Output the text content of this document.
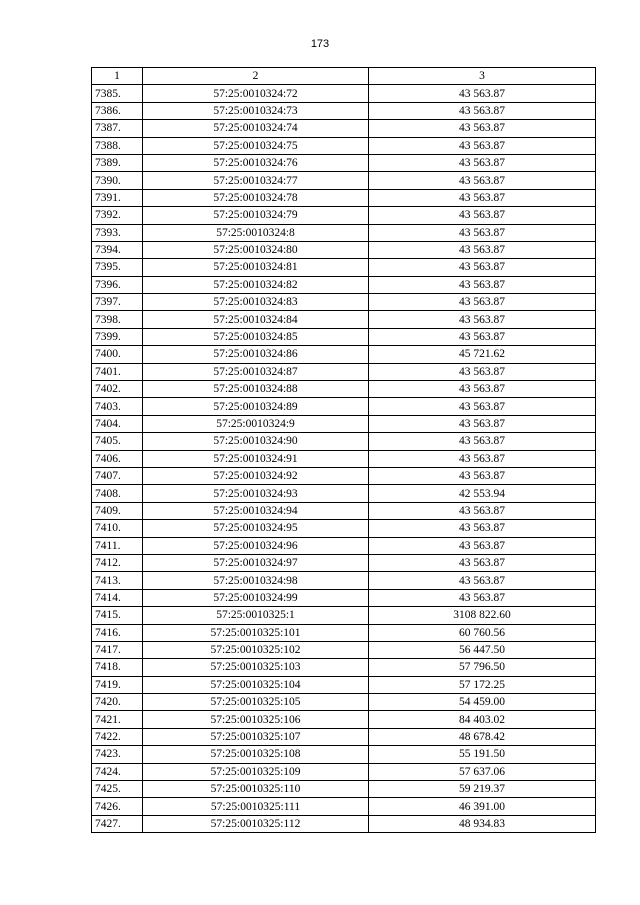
173
1	2	3
7385.	57:25:0010324:72	43 563.87
7386.	57:25:0010324:73	43 563.87
7387.	57:25:0010324:74	43 563.87
7388.	57:25:0010324:75	43 563.87
7389.	57:25:0010324:76	43 563.87
7390.	57:25:0010324:77	43 563.87
7391.	57:25:0010324:78	43 563.87
7392.	57:25:0010324:79	43 563.87
7393.	57:25:0010324:8	43 563.87
7394.	57:25:0010324:80	43 563.87
7395.	57:25:0010324:81	43 563.87
7396.	57:25:0010324:82	43 563.87
7397.	57:25:0010324:83	43 563.87
7398.	57:25:0010324:84	43 563.87
7399.	57:25:0010324:85	43 563.87
7400.	57:25:0010324:86	45 721.62
7401.	57:25:0010324:87	43 563.87
7402.	57:25:0010324:88	43 563.87
7403.	57:25:0010324:89	43 563.87
7404.	57:25:0010324:9	43 563.87
7405.	57:25:0010324:90	43 563.87
7406.	57:25:0010324:91	43 563.87
7407.	57:25:0010324:92	43 563.87
7408.	57:25:0010324:93	42 553.94
7409.	57:25:0010324:94	43 563.87
7410.	57:25:0010324:95	43 563.87
7411.	57:25:0010324:96	43 563.87
7412.	57:25:0010324:97	43 563.87
7413.	57:25:0010324:98	43 563.87
7414.	57:25:0010324:99	43 563.87
7415.	57:25:0010325:1	3108 822.60
7416.	57:25:0010325:101	60 760.56
7417.	57:25:0010325:102	56 447.50
7418.	57:25:0010325:103	57 796.50
7419.	57:25:0010325:104	57 172.25
7420.	57:25:0010325:105	54 459.00
7421.	57:25:0010325:106	84 403.02
7422.	57:25:0010325:107	48 678.42
7423.	57:25:0010325:108	55 191.50
7424.	57:25:0010325:109	57 637.06
7425.	57:25:0010325:110	59 219.37
7426.	57:25:0010325:111	46 391.00
7427.	57:25:0010325:112	48 934.83
